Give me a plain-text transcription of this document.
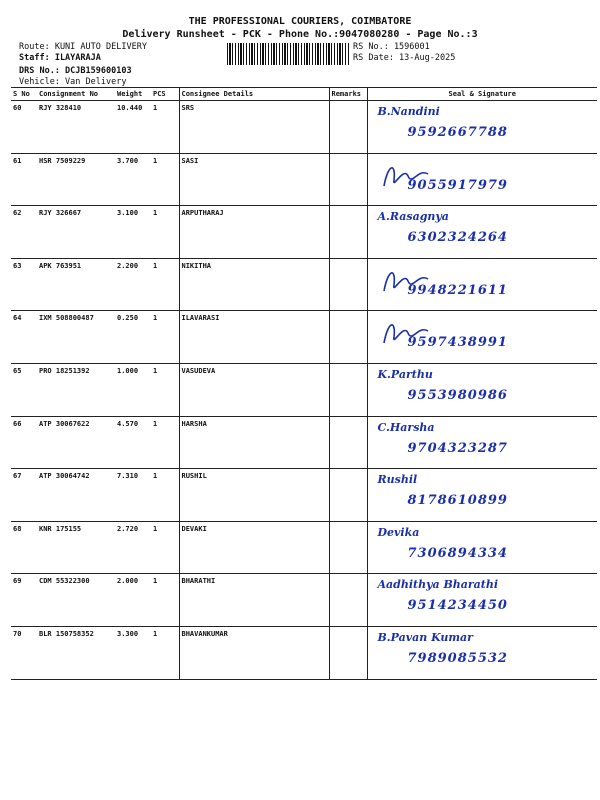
THE PROFESSIONAL COURIERS, COIMBATORE
Delivery Runsheet - PCK - Phone No.:9047080280 - Page No.:3
Route: KUNI AUTO DELIVERY
Staff: ILAYARAJA
DRS No.: DCJB159600103
Vehicle: Van Delivery
RS No.: 1596001
RS Date: 13-Aug-2025
S No	Consignment No	Weight	PCS	Consignee Details	Remarks	Seal & Signature
60	RJY 328410	10.440	1	SRS		B.Nandini
9592667788

61	HSR 7509229	3.700	1	SASI		9055917979

62	RJY 326667	3.100	1	ARPUTHARAJ		A.Rasagnya
6302324264

63	APK 763951	2.200	1	NIKITHA		9948221611

64	IXM 508800487	0.250	1	ILAVARASI		9597438991

65	PRO 18251392	1.000	1	VASUDEVA		K.Parthu
9553980986

66	ATP 30067622	4.570	1	HARSHA		C.Harsha
9704323287

67	ATP 30064742	7.310	1	RUSHIL		Rushil
8178610899

68	KNR 175155	2.720	1	DEVAKI		Devika
7306894334

69	CDM 55322300	2.000	1	BHARATHI		Aadhithya Bharathi
9514234450

70	BLR 150758352	3.300	1	BHAVANKUMAR		B.Pavan Kumar
7989085532
